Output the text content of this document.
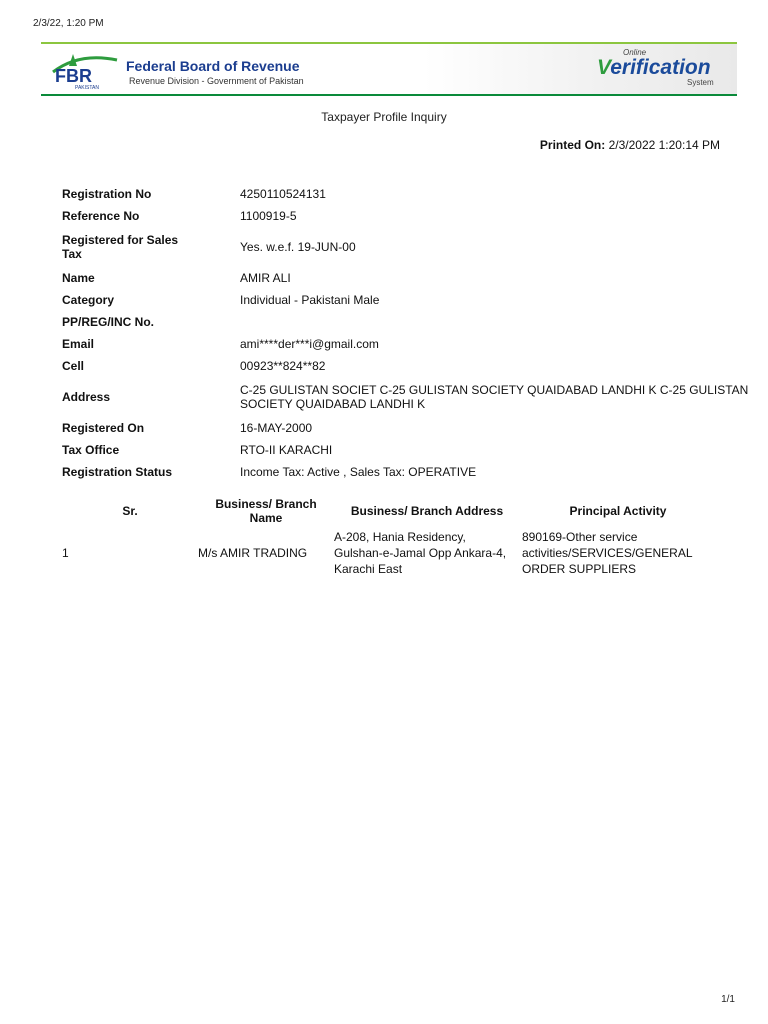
2/3/22, 1:20 PM
FBR
PAKISTAN
Federal Board of Revenue
Revenue Division - Government of Pakistan
Online
Verification
System
Taxpayer Profile Inquiry
Printed On: 2/3/2022 1:20:14 PM
Registration No	4250110524131
Reference No	1100919-5
Registered for Sales Tax	Yes. w.e.f. 19-JUN-00
Name	AMIR ALI
Category	Individual - Pakistani Male
PP/REG/INC No.	
Email	ami****der***i@gmail.com
Cell	00923**824**82
Address	C-25 GULISTAN SOCIET C-25 GULISTAN SOCIETY QUAIDABAD LANDHI K C-25 GULISTAN SOCIETY QUAIDABAD LANDHI K
Registered On	16-MAY-2000
Tax Office	RTO-II KARACHI
Registration Status	Income Tax: Active , Sales Tax: OPERATIVE
Sr.	Business/ Branch Name	Business/ Branch Address	Principal Activity
1	M/s AMIR TRADING	A-208, Hania Residency, Gulshan-e-Jamal Opp Ankara-4, Karachi East	890169-Other service activities/SERVICES/GENERAL ORDER SUPPLIERS
1/1
